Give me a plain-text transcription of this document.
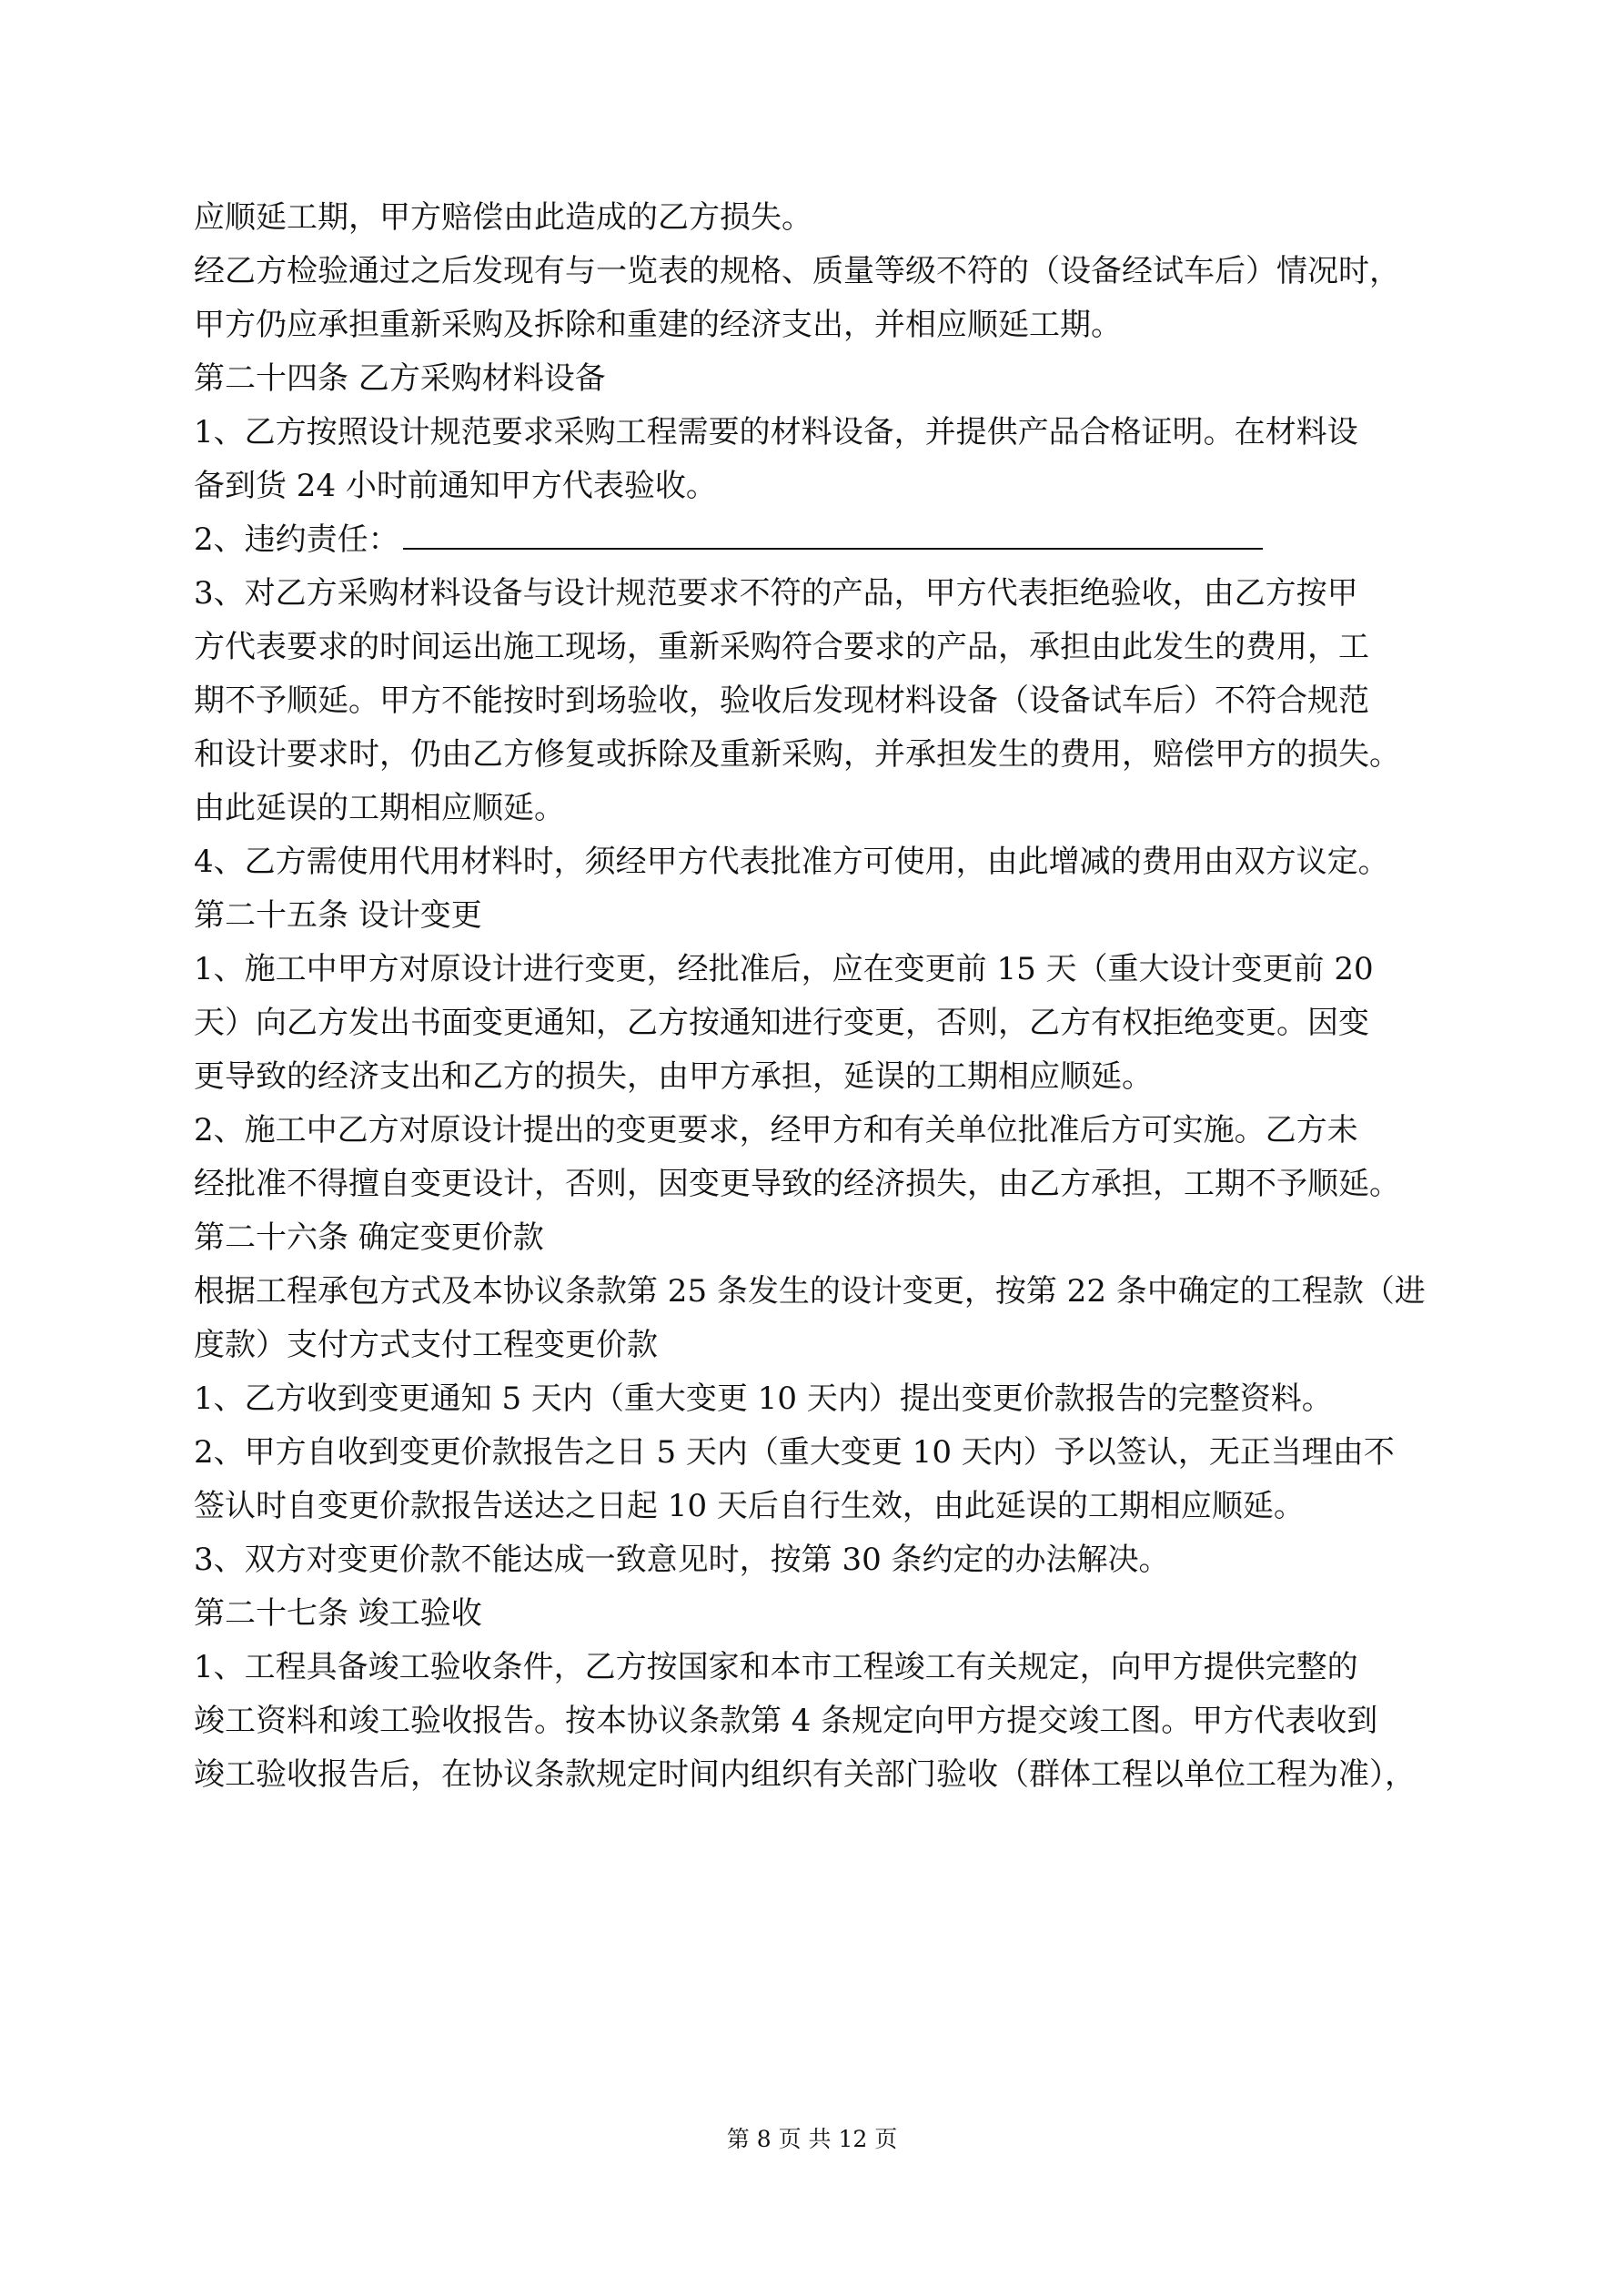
应顺延工期，甲方赔偿由此造成的乙方损失。
经乙方检验通过之后发现有与一览表的规格、质量等级不符的（设备经试车后）情况时，
甲方仍应承担重新采购及拆除和重建的经济支出，并相应顺延工期。
第二十四条 乙方采购材料设备
1、乙方按照设计规范要求采购工程需要的材料设备，并提供产品合格证明。在材料设
备到货 24 小时前通知甲方代表验收。
2、违约责任：
3、对乙方采购材料设备与设计规范要求不符的产品，甲方代表拒绝验收，由乙方按甲
方代表要求的时间运出施工现场，重新采购符合要求的产品，承担由此发生的费用，工
期不予顺延。甲方不能按时到场验收，验收后发现材料设备（设备试车后）不符合规范
和设计要求时，仍由乙方修复或拆除及重新采购，并承担发生的费用，赔偿甲方的损失。
由此延误的工期相应顺延。
4、乙方需使用代用材料时，须经甲方代表批准方可使用，由此增减的费用由双方议定。
第二十五条 设计变更
1、施工中甲方对原设计进行变更，经批准后，应在变更前 15 天（重大设计变更前 20
天）向乙方发出书面变更通知，乙方按通知进行变更，否则，乙方有权拒绝变更。因变
更导致的经济支出和乙方的损失，由甲方承担，延误的工期相应顺延。
2、施工中乙方对原设计提出的变更要求，经甲方和有关单位批准后方可实施。乙方未
经批准不得擅自变更设计，否则，因变更导致的经济损失，由乙方承担，工期不予顺延。
第二十六条 确定变更价款
根据工程承包方式及本协议条款第 25 条发生的设计变更，按第 22 条中确定的工程款（进
度款）支付方式支付工程变更价款
1、乙方收到变更通知 5 天内（重大变更 10 天内）提出变更价款报告的完整资料。
2、甲方自收到变更价款报告之日 5 天内（重大变更 10 天内）予以签认，无正当理由不
签认时自变更价款报告送达之日起 10 天后自行生效，由此延误的工期相应顺延。
3、双方对变更价款不能达成一致意见时，按第 30 条约定的办法解决。
第二十七条 竣工验收
1、工程具备竣工验收条件，乙方按国家和本市工程竣工有关规定，向甲方提供完整的
竣工资料和竣工验收报告。按本协议条款第 4 条规定向甲方提交竣工图。甲方代表收到
竣工验收报告后，在协议条款规定时间内组织有关部门验收（群体工程以单位工程为准），
第 8 页 共 12 页
